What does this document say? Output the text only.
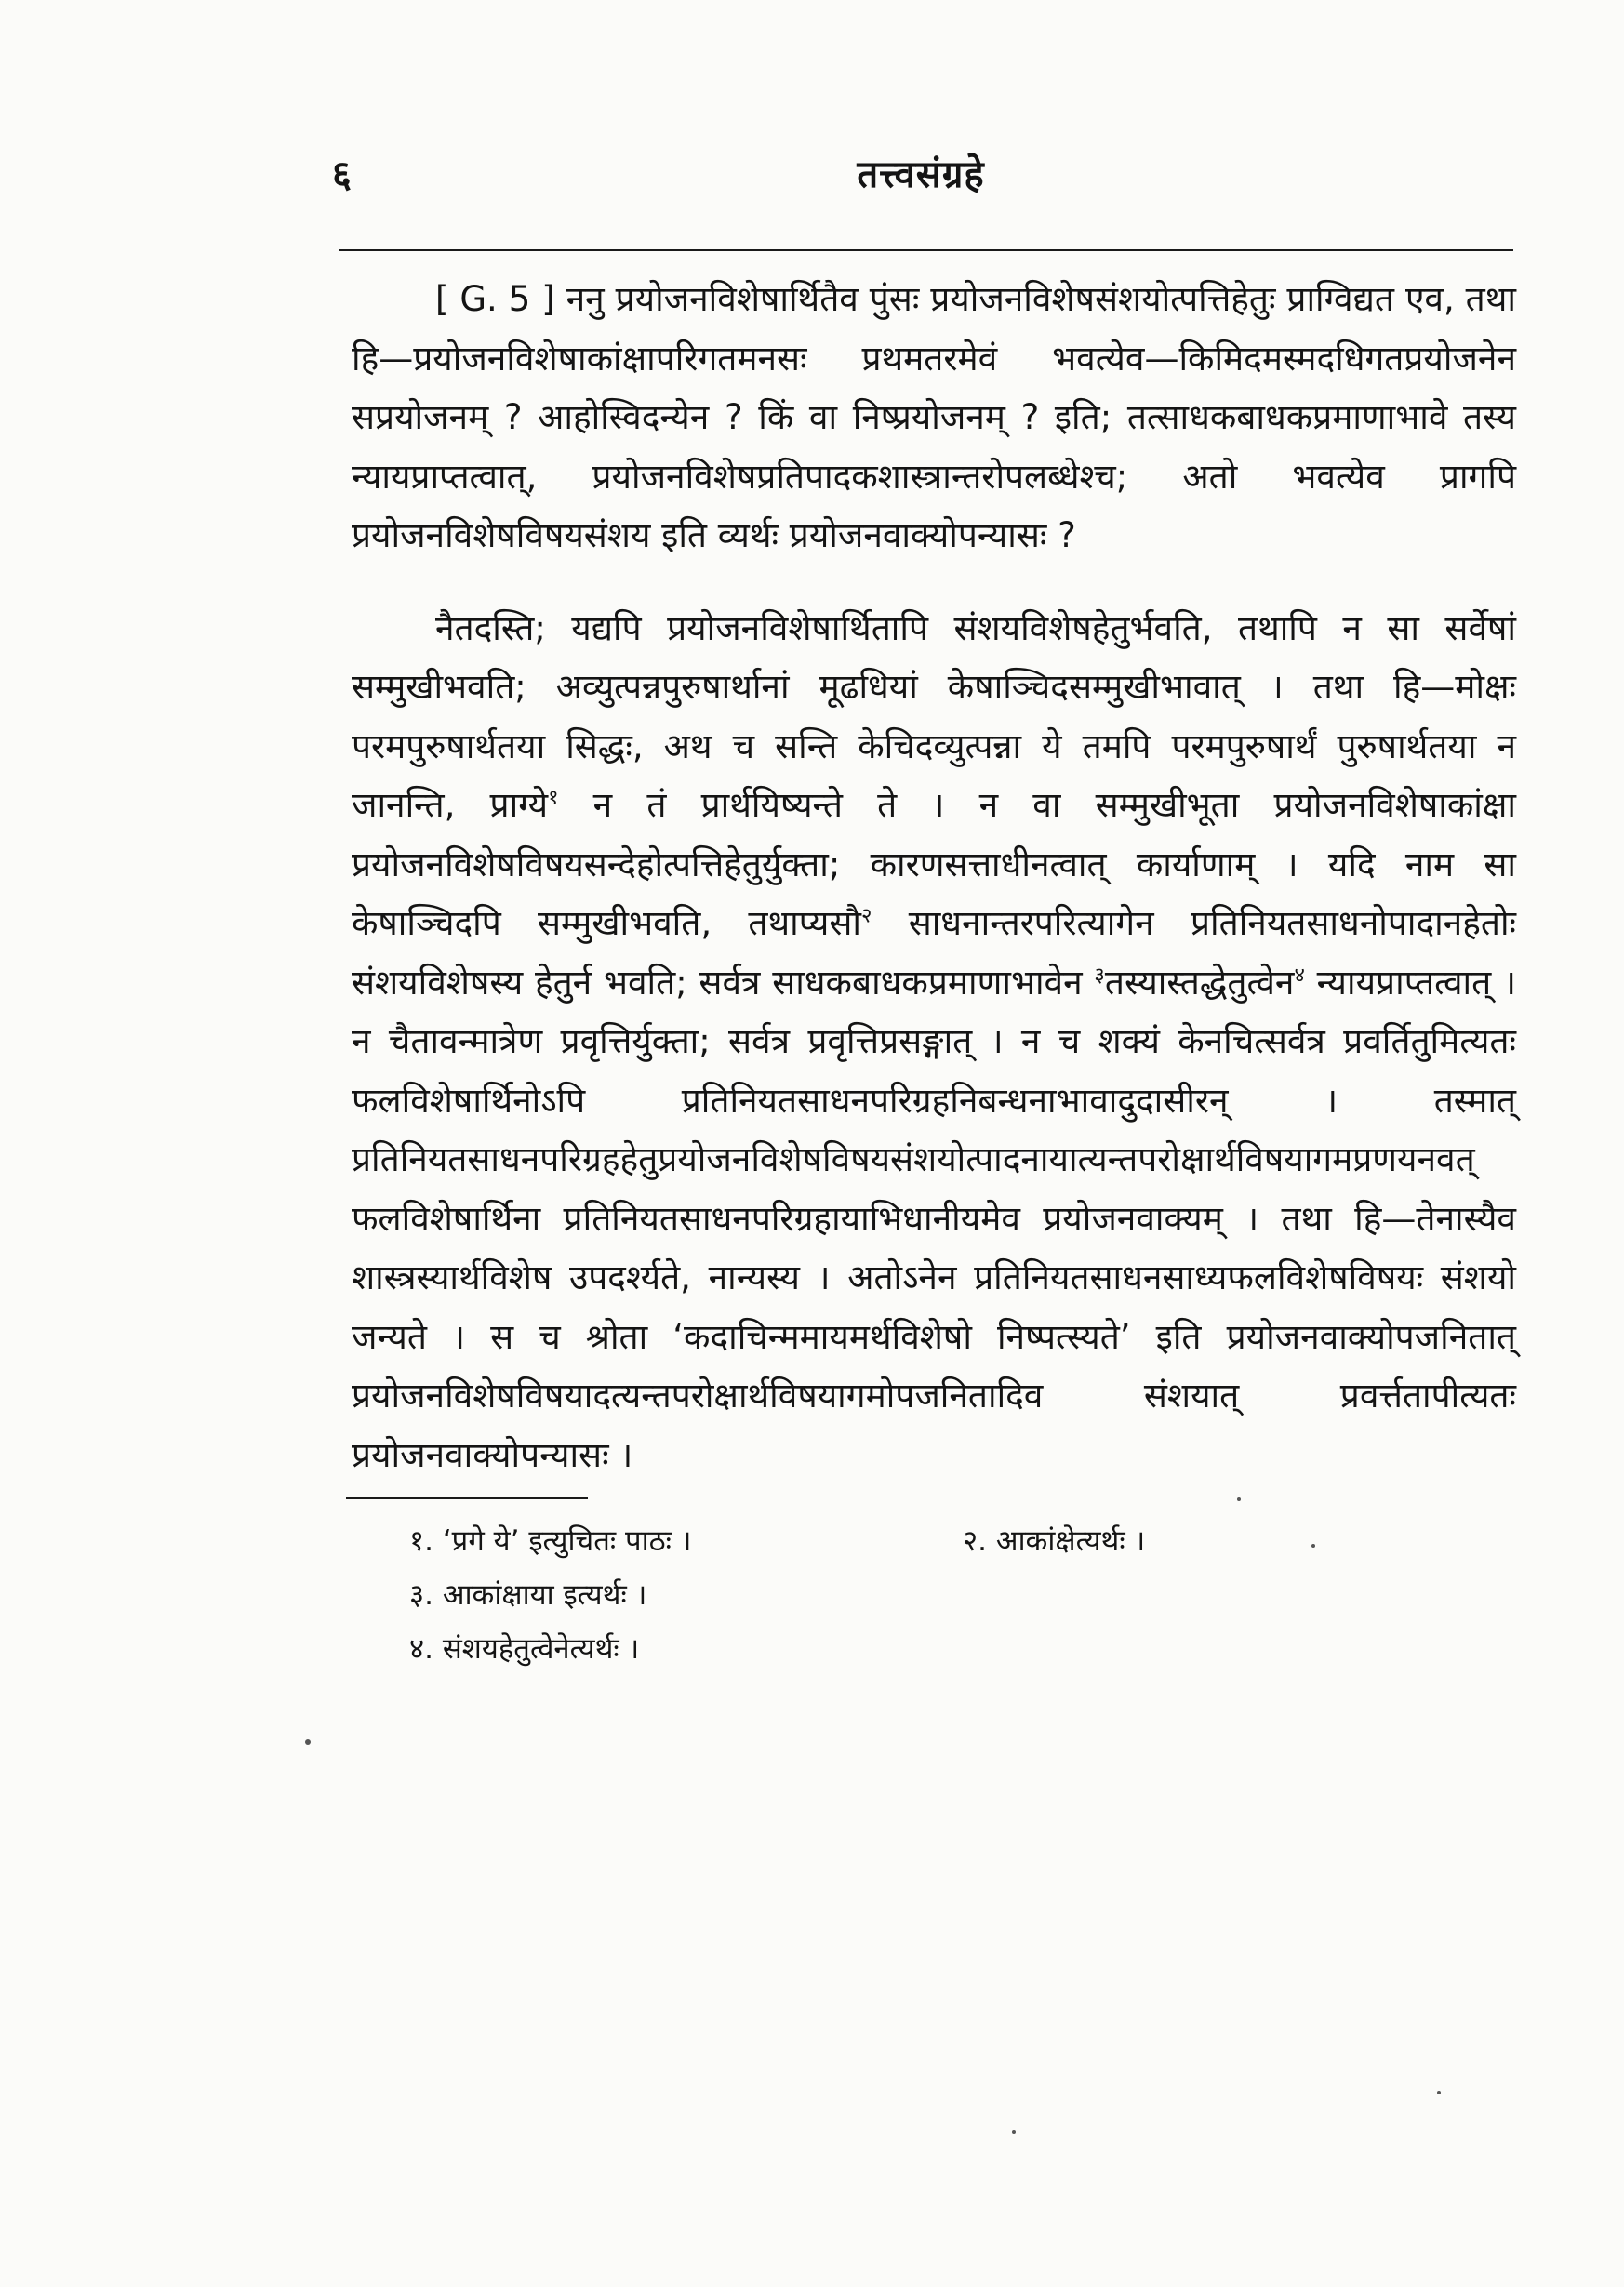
६	तत्त्वसंग्रहे

[ G. 5 ] ननु प्रयोजनविशेषार्थितैव पुंसः प्रयोजनविशेषसंशयोत्पत्तिहेतुः प्राग्विद्यत एव, तथा हि—प्रयोजनविशेषाकांक्षापरिगतमनसः प्रथमतरमेवं भवत्येव—किमिदमस्मदधिगतप्रयोजनेन सप्रयोजनम् ? आहोस्विदन्येन ? किं वा निष्प्रयोजनम् ? इति; तत्साधकबाधकप्रमाणाभावे तस्य न्यायप्राप्तत्वात्, प्रयोजनविशेषप्रतिपादकशास्त्रान्तरोपलब्धेश्च; अतो भवत्येव प्रागपि प्रयोजनविशेषविषयसंशय इति व्यर्थः प्रयोजनवाक्योपन्यासः ?

नैतदस्ति; यद्यपि प्रयोजनविशेषार्थितापि संशयविशेषहेतुर्भवति, तथापि न सा सर्वेषां सम्मुखीभवति; अव्युत्पन्नपुरुषार्थानां मूढधियां केषाञ्चिदसम्मुखीभावात् । तथा हि—मोक्षः परमपुरुषार्थतया सिद्धः, अथ च सन्ति केचिदव्युत्पन्ना ये तमपि परमपुरुषार्थं पुरुषार्थतया न जानन्ति, प्राग्ये$^१$ न तं प्रार्थयिष्यन्ते ते । न वा सम्मुखीभूता प्रयोजनविशेषाकांक्षा प्रयोजनविशेषविषयसन्देहोत्पत्तिहेतुर्युक्ता; कारणसत्ताधीनत्वात् कार्याणाम् । यदि नाम सा केषाञ्चिदपि सम्मुखीभवति, तथाप्यसौ$^२$ साधनान्तरपरित्यागेन प्रतिनियतसाधनोपादानहेतोः संशयविशेषस्य हेतुर्न भवति; सर्वत्र साधकबाधकप्रमाणाभावेन $^३$तस्यास्तद्धेतुत्वेन$^४$ न्यायप्राप्तत्वात् । न चैतावन्मात्रेण प्रवृत्तिर्युक्ता; सर्वत्र प्रवृत्तिप्रसङ्गात् । न च शक्यं केनचित्सर्वत्र प्रवर्तितुमित्यतः फलविशेषार्थिनोऽपि प्रतिनियतसाधनपरिग्रहनिबन्धनाभावादुदासीरन् । तस्मात् प्रतिनियतसाधनपरिग्रहहेतुप्रयोजनविशेषविषयसंशयोत्पादनायात्यन्तपरोक्षार्थविषयागमप्रणयनवत् फलविशेषार्थिना प्रतिनियतसाधनपरिग्रहायाभिधानीयमेव प्रयोजनवाक्यम् । तथा हि—तेनास्यैव शास्त्रस्यार्थविशेष उपदर्श्यते, नान्यस्य । अतोऽनेन प्रतिनियतसाधनसाध्यफलविशेषविषयः संशयो जन्यते । स च श्रोता ‘कदाचिन्ममायमर्थविशेषो निष्पत्स्यते’ इति प्रयोजनवाक्योपजनितात् प्रयोजनविशेषविषयादत्यन्तपरोक्षार्थविषयागमोपजनितादिव संशयात् प्रवर्त्ततापीत्यतः प्रयोजनवाक्योपन्यासः ।

१. ‘प्रगे ये’ इत्युचितः पाठः ।	२. आकांक्षेत्यर्थः ।
३. आकांक्षाया इत्यर्थः ।
४. संशयहेतुत्वेनेत्यर्थः ।
